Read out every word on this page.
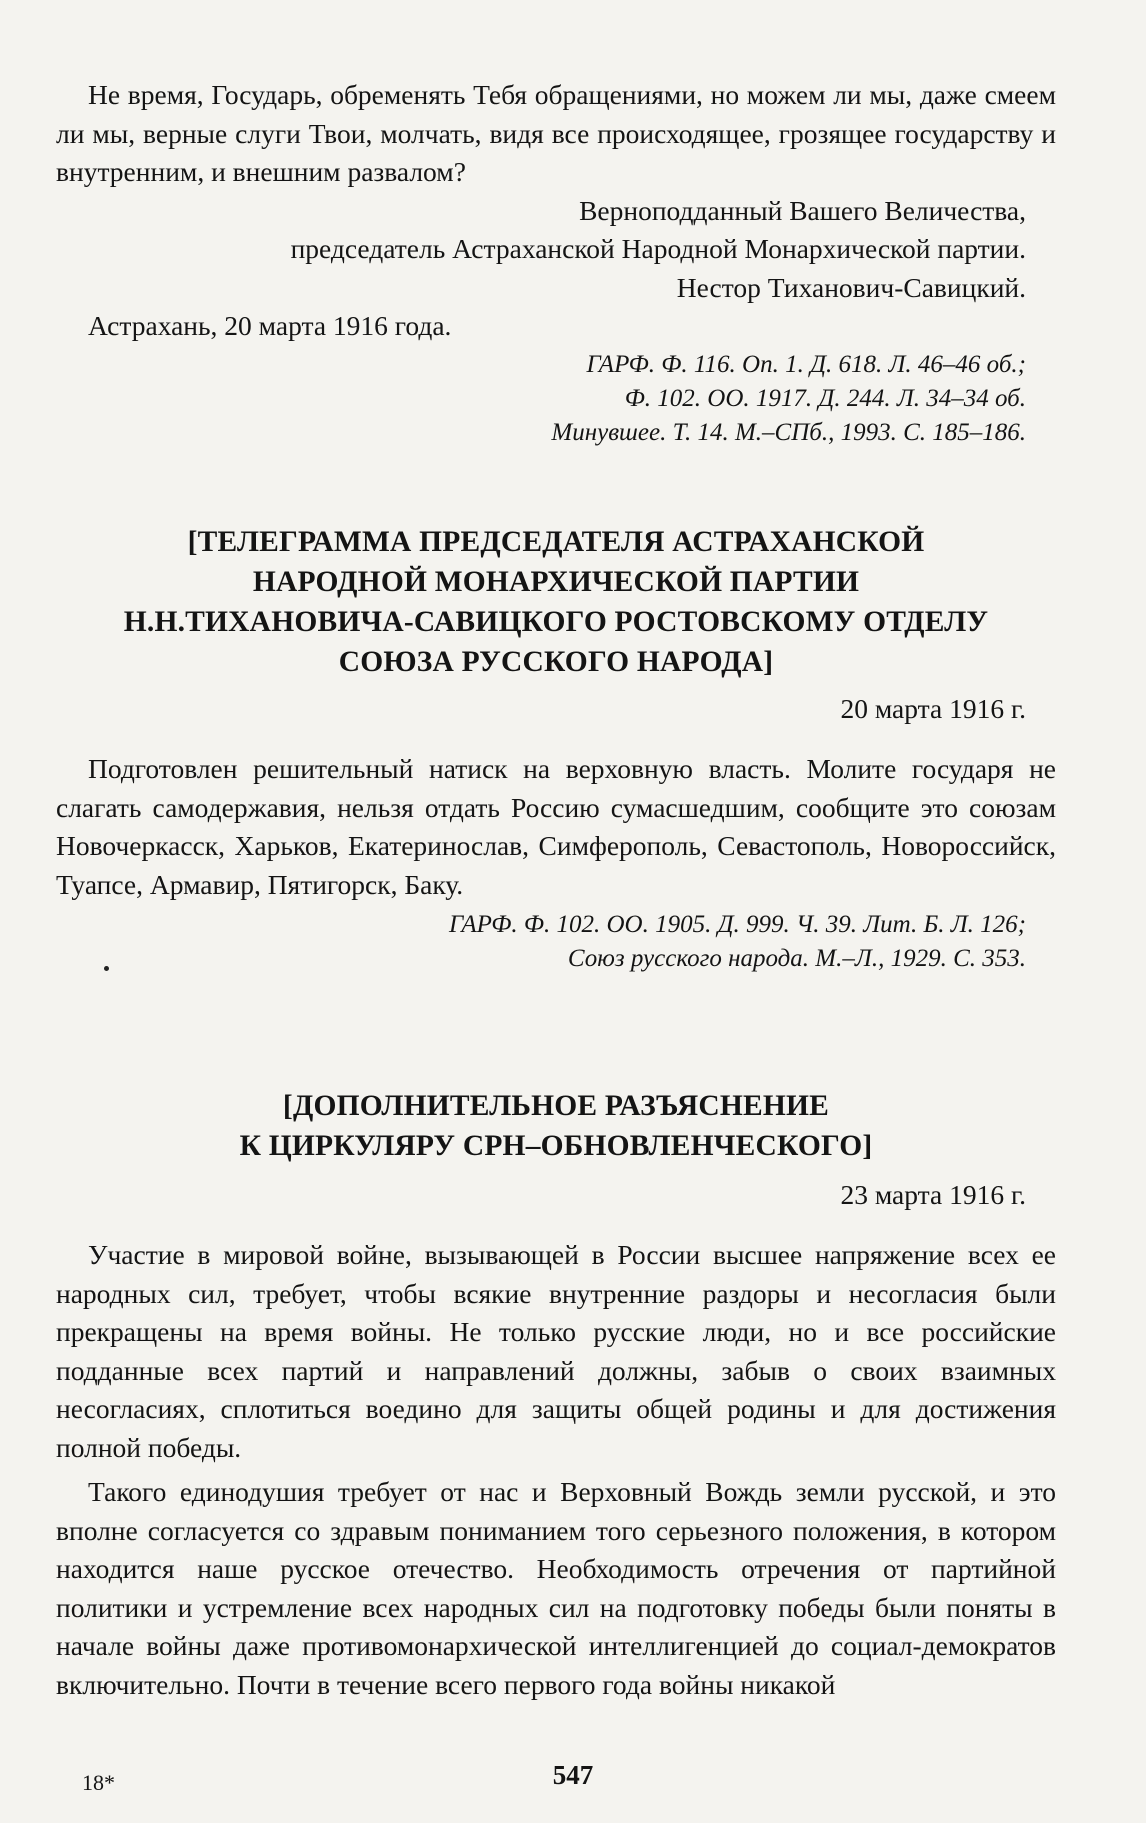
Не время, Государь, обременять Тебя обращениями, но можем ли мы, даже смеем ли мы, верные слуги Твои, молчать, видя все происходящее, грозящее государству и внутренним, и внешним развалом?

Верноподданный Вашего Величества,

председатель Астраханской Народной Монархической партии.

Нестор Тиханович-Савицкий.

Астрахань, 20 марта 1916 года.

ГАРФ. Ф. 116. Оп. 1. Д. 618. Л. 46–46 об.;

Ф. 102. ОО. 1917. Д. 244. Л. 34–34 об.

Минувшее. Т. 14. М.–СПб., 1993. С. 185–186.

[ТЕЛЕГРАММА ПРЕДСЕДАТЕЛЯ АСТРАХАНСКОЙ

НАРОДНОЙ МОНАРХИЧЕСКОЙ ПАРТИИ

Н.Н.ТИХАНОВИЧА-САВИЦКОГО РОСТОВСКОМУ ОТДЕЛУ

СОЮЗА РУССКОГО НАРОДА]

20 марта 1916 г.

Подготовлен решительный натиск на верховную власть. Молите государя не слагать самодержавия, нельзя отдать Россию сумасшедшим, сообщите это союзам Новочеркасск, Харьков, Екатеринослав, Симферополь, Севастополь, Новороссийск, Туапсе, Армавир, Пятигорск, Баку.

ГАРФ. Ф. 102. ОО. 1905. Д. 999. Ч. 39. Лит. Б. Л. 126;

Союз русского народа. М.–Л., 1929. С. 353.

[ДОПОЛНИТЕЛЬНОЕ РАЗЪЯСНЕНИЕ

К ЦИРКУЛЯРУ СРН–ОБНОВЛЕНЧЕСКОГО]

23 марта 1916 г.

Участие в мировой войне, вызывающей в России высшее напряжение всех ее народных сил, требует, чтобы всякие внутренние раздоры и несогласия были прекращены на время войны. Не только русские люди, но и все российские подданные всех партий и направлений должны, забыв о своих взаимных несогласиях, сплотиться воедино для защиты общей родины и для достижения полной победы.

Такого единодушия требует от нас и Верховный Вождь земли русской, и это вполне согласуется со здравым пониманием того серьезного положения, в котором находится наше русское отечество. Необходимость отречения от партийной политики и устремление всех народных сил на подготовку победы были поняты в начале войны даже противомонархической интеллигенцией до социал-демократов включительно. Почти в течение всего первого года войны никакой

18*	547
